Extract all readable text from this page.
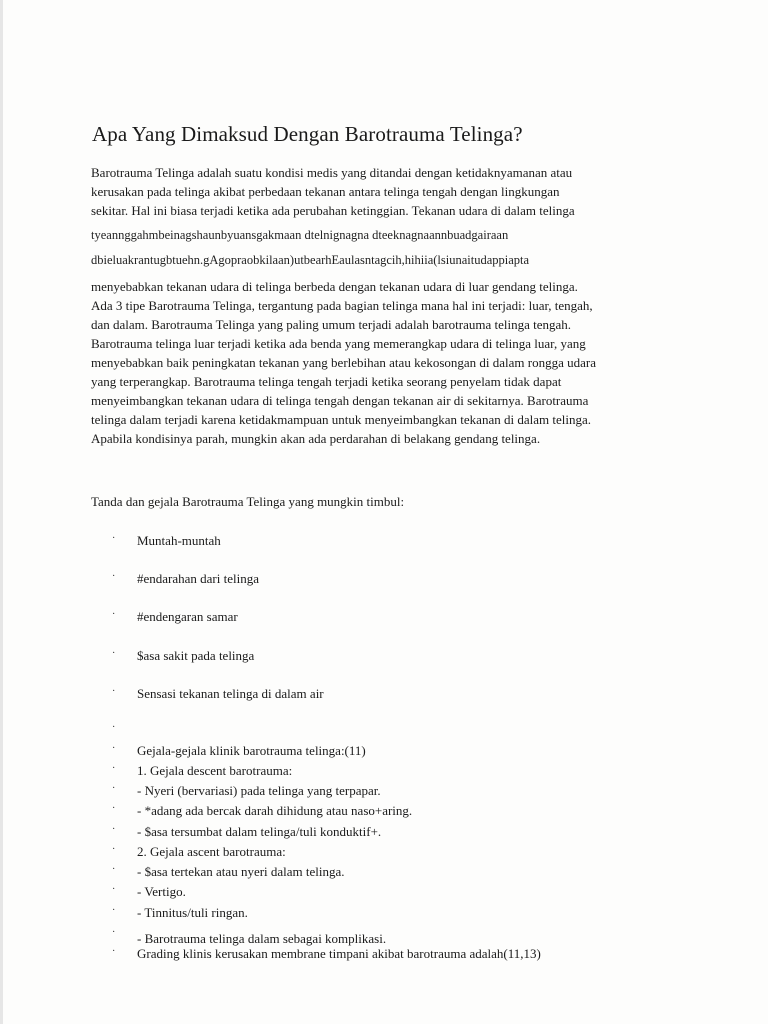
Apa Yang Dimaksud Dengan Barotrauma Telinga?
Barotrauma Telinga adalah suatu kondisi medis yang ditandai dengan ketidaknyamanan atau
kerusakan pada telinga akibat perbedaan tekanan antara telinga tengah dengan lingkungan
sekitar. Hal ini biasa terjadi ketika ada perubahan ketinggian. Tekanan udara di dalam telinga
tyeannggahmbeinagshaunbyuansgakmaan dtelnignagna dteeknagnaannbuadgairaan
dbieluakrantugbtuehn.gAgopraobkilaan)utbearhEaulasntagcih,hihiia(lsiunaitudappiapta
menyebabkan tekanan udara di telinga berbeda dengan tekanan udara di luar gendang telinga.
Ada 3 tipe Barotrauma Telinga, tergantung pada bagian telinga mana hal ini terjadi: luar, tengah,
dan dalam. Barotrauma Telinga yang paling umum terjadi adalah barotrauma telinga tengah.
Barotrauma telinga luar terjadi ketika ada benda yang memerangkap udara di telinga luar, yang
menyebabkan baik peningkatan tekanan yang berlebihan atau kekosongan di dalam rongga udara
yang terperangkap. Barotrauma telinga tengah terjadi ketika seorang penyelam tidak dapat
menyeimbangkan tekanan udara di telinga tengah dengan tekanan air di sekitarnya. Barotrauma
telinga dalam terjadi karena ketidakmampuan untuk menyeimbangkan tekanan di dalam telinga.
Apabila kondisinya parah, mungkin akan ada perdarahan di belakang gendang telinga.
Tanda dan gejala Barotrauma Telinga yang mungkin timbul:
· Muntah-muntah
· #endarahan dari telinga
· #endengaran samar
· $asa sakit pada telinga
· Sensasi tekanan telinga di dalam air
·
· Gejala-gejala klinik barotrauma telinga:(11)
· 1. Gejala descent barotrauma:
· - Nyeri (bervariasi) pada telinga yang terpapar.
· - *adang ada bercak darah dihidung atau naso+aring.
· - $asa tersumbat dalam telinga/tuli konduktif+.
· 2. Gejala ascent barotrauma:
· - $asa tertekan atau nyeri dalam telinga.
· - Vertigo.
· - Tinnitus/tuli ringan.
· - Barotrauma telinga dalam sebagai komplikasi.
· Grading klinis kerusakan membrane timpani akibat barotrauma adalah(11,13)
